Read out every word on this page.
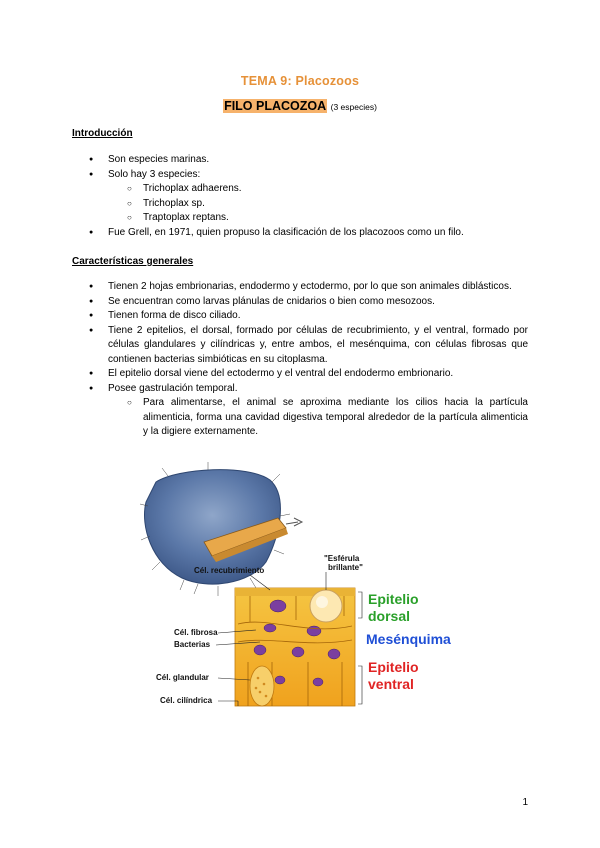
TEMA 9: Placozoos
FILO PLACOZOA (3 especies)
Introducción
● Son especies marinas.
● Solo hay 3 especies:
○ Trichoplax adhaerens.
○ Trichoplax sp.
○ Traptoplax reptans.
● Fue Grell, en 1971, quien propuso la clasificación de los placozoos como un filo.
Características generales
● Tienen 2 hojas embrionarias, endodermo y ectodermo, por lo que son animales diblásticos.
● Se encuentran como larvas plánulas de cnidarios o bien como mesozoos.
● Tienen forma de disco ciliado.
● Tiene 2 epitelios, el dorsal, formado por células de recubrimiento, y el ventral, formado por células glandulares y cilíndricas y, entre ambos, el mesénquima, con células fibrosas que contienen bacterias simbióticas en su citoplasma.
● El epitelio dorsal viene del ectodermo y el ventral del endodermo embrionario.
● Posee gastrulación temporal.
○ Para alimentarse, el animal se aproxima mediante los cilios hacia la partícula alimenticia, forma una cavidad digestiva temporal alrededor de la partícula alimenticia y la digiere externamente.
"Esférula
brillante"
Cél. recubrimiento
Cél. fibrosa
Bacterias
Cél. glandular
Cél. cilíndrica
Epitelio
dorsal
Mesénquima
Epitelio
ventral
1
